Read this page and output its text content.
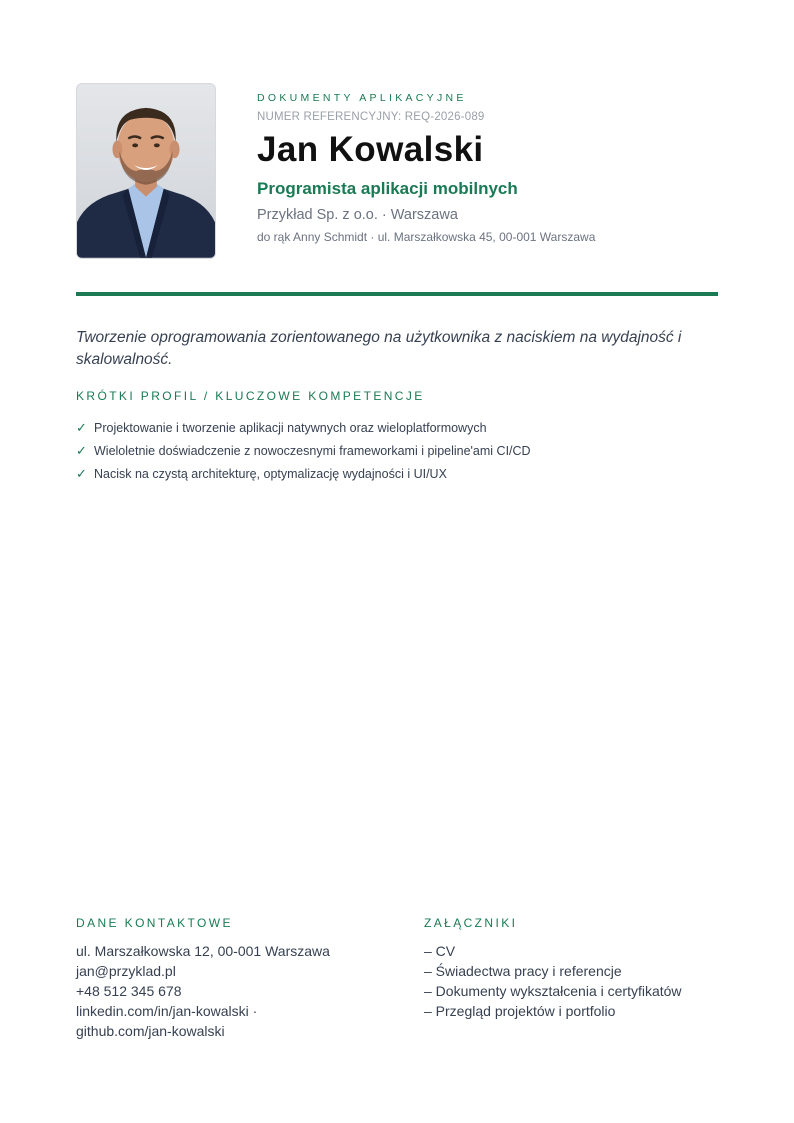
DOKUMENTY APLIKACYJNE
NUMER REFERENCYJNY: REQ-2026-089
Jan Kowalski
Programista aplikacji mobilnych
Przykład Sp. z o.o. · Warszawa
do rąk Anny Schmidt · ul. Marszałkowska 45, 00-001 Warszawa
Tworzenie oprogramowania zorientowanego na użytkownika z naciskiem na wydajność i skalowalność.
KRÓTKI PROFIL / KLUCZOWE KOMPETENCJE
✓ Projektowanie i tworzenie aplikacji natywnych oraz wieloplatformowych
✓ Wieloletnie doświadczenie z nowoczesnymi frameworkami i pipeline'ami CI/CD
✓ Nacisk na czystą architekturę, optymalizację wydajności i UI/UX
DANE KONTAKTOWE
ul. Marszałkowska 12, 00-001 Warszawa
jan@przyklad.pl
+48 512 345 678
linkedin.com/in/jan-kowalski · github.com/jan-kowalski
ZAŁĄCZNIKI
– CV
– Świadectwa pracy i referencje
– Dokumenty wykształcenia i certyfikatów
– Przegląd projektów i portfolio
